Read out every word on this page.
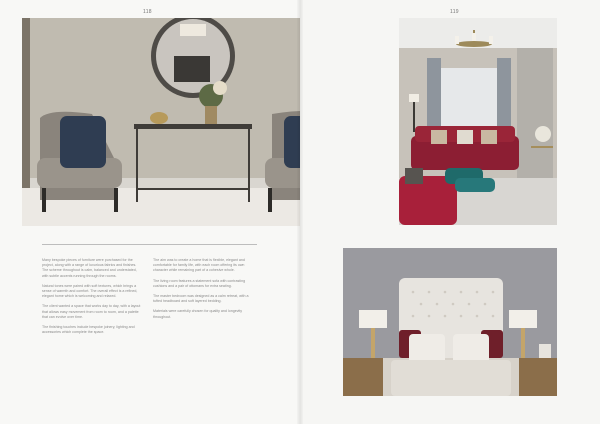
118

Many bespoke pieces of furniture were purchased for the project, along with a range of luxurious fabrics and finishes. The scheme throughout is calm, balanced and understated, with subtle accents running through the rooms.

Natural tones were paired with soft textures, which brings a sense of warmth and comfort. The overall effect is a refined, elegant home which is welcoming and relaxed.

The client wanted a space that works day to day, with a layout that allows easy movement from room to room, and a palette that can evolve over time.

The finishing touches include bespoke joinery, lighting and accessories which complete the space.

The aim was to create a home that is flexible, elegant and comfortable for family life, with each room offering its own character while remaining part of a cohesive whole.

The living room features a statement sofa with contrasting cushions and a pair of ottomans for extra seating.

The master bedroom was designed as a calm retreat, with a tufted headboard and soft layered bedding.

Materials were carefully chosen for quality and longevity throughout.

119
